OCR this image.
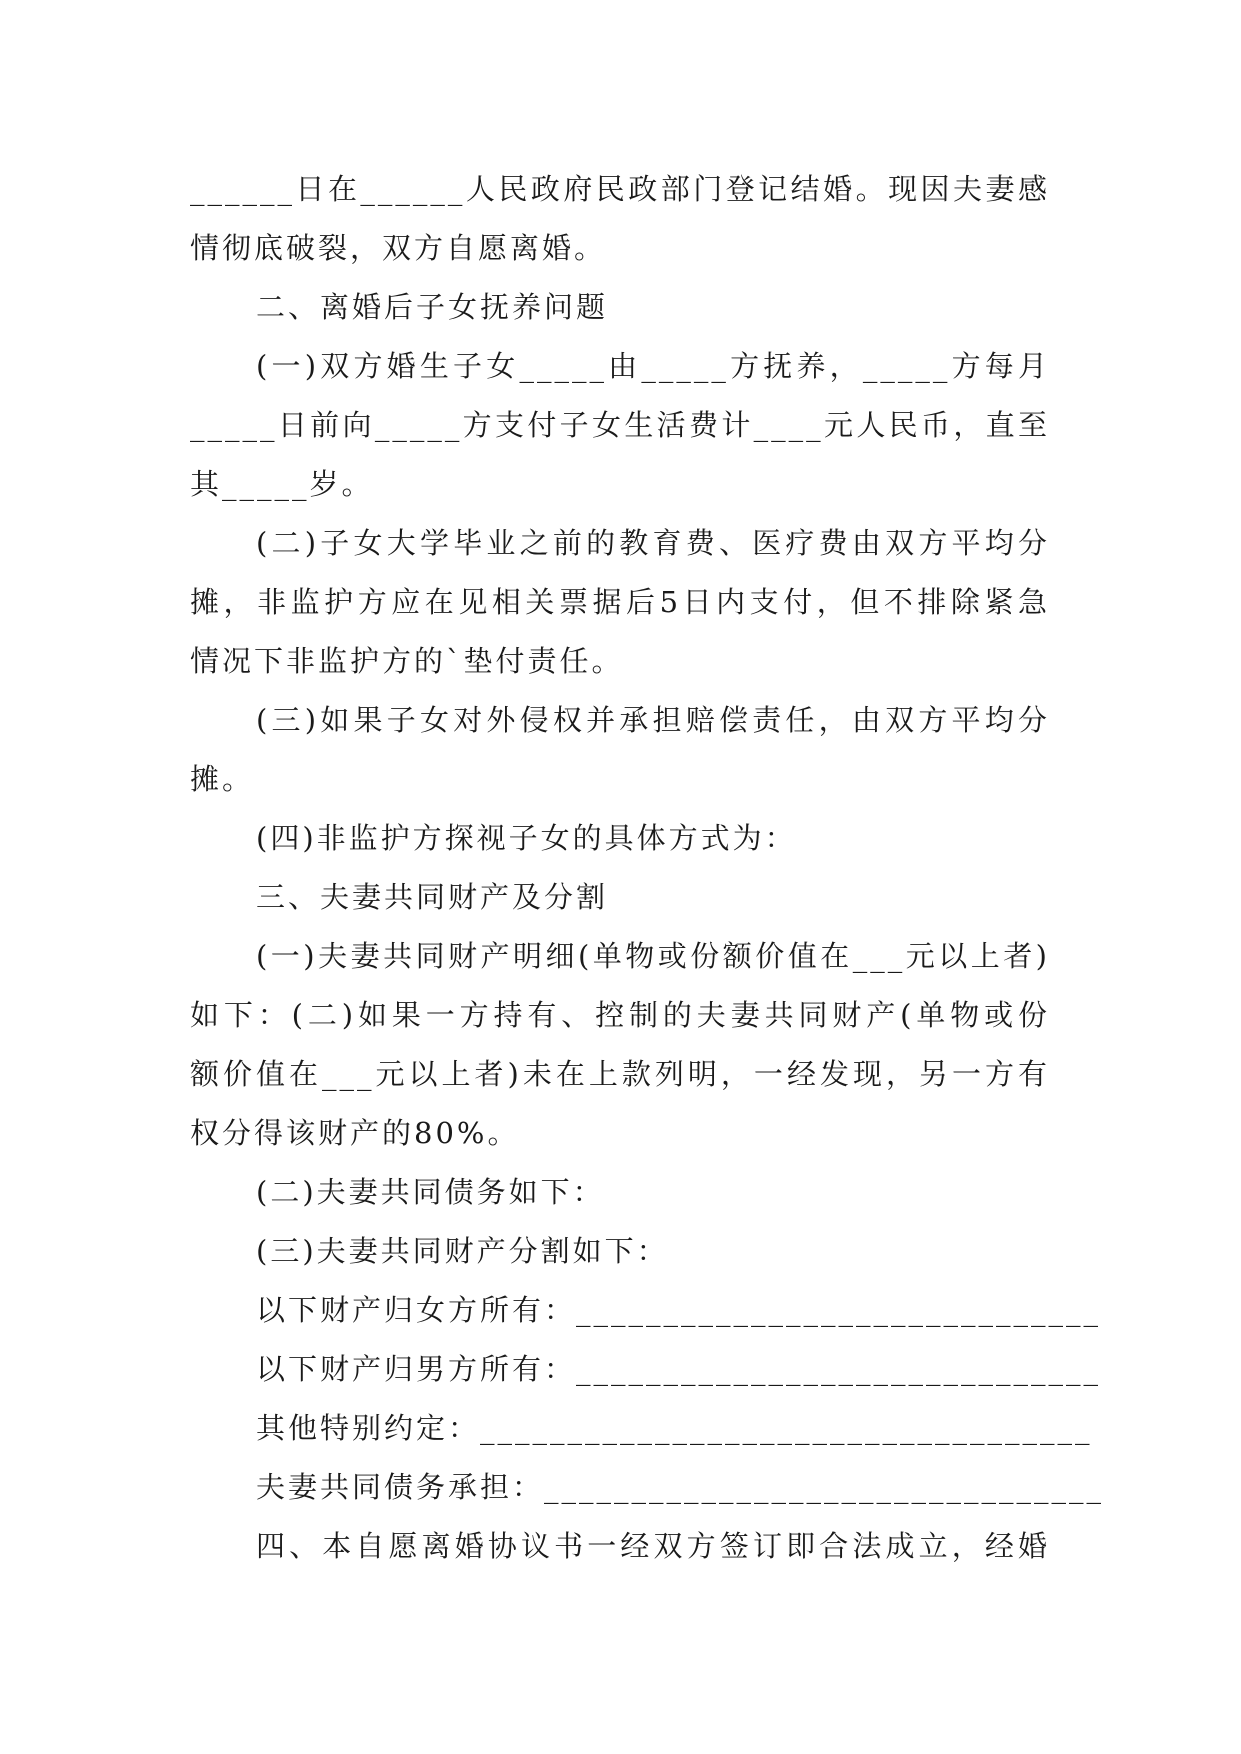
______日在______人民政府民政部门登记结婚。现因夫妻感

情彻底破裂，双方自愿离婚。

二、离婚后子女抚养问题

(一)双方婚生子女_____由_____方抚养，_____方每月

_____日前向_____方支付子女生活费计____元人民币，直至

其_____岁。

(二)子女大学毕业之前的教育费、医疗费由双方平均分

摊，非监护方应在见相关票据后5日内支付，但不排除紧急

情况下非监护方的`垫付责任。

(三)如果子女对外侵权并承担赔偿责任，由双方平均分

摊。

(四)非监护方探视子女的具体方式为：

三、夫妻共同财产及分割

(一)夫妻共同财产明细(单物或份额价值在___元以上者)

如下：(二)如果一方持有、控制的夫妻共同财产(单物或份

额价值在___元以上者)未在上款列明，一经发现，另一方有

权分得该财产的80%。

(二)夫妻共同债务如下：

(三)夫妻共同财产分割如下：

以下财产归女方所有：______________________________

以下财产归男方所有：______________________________

其他特别约定：___________________________________

夫妻共同债务承担：________________________________

四、本自愿离婚协议书一经双方签订即合法成立，经婚
